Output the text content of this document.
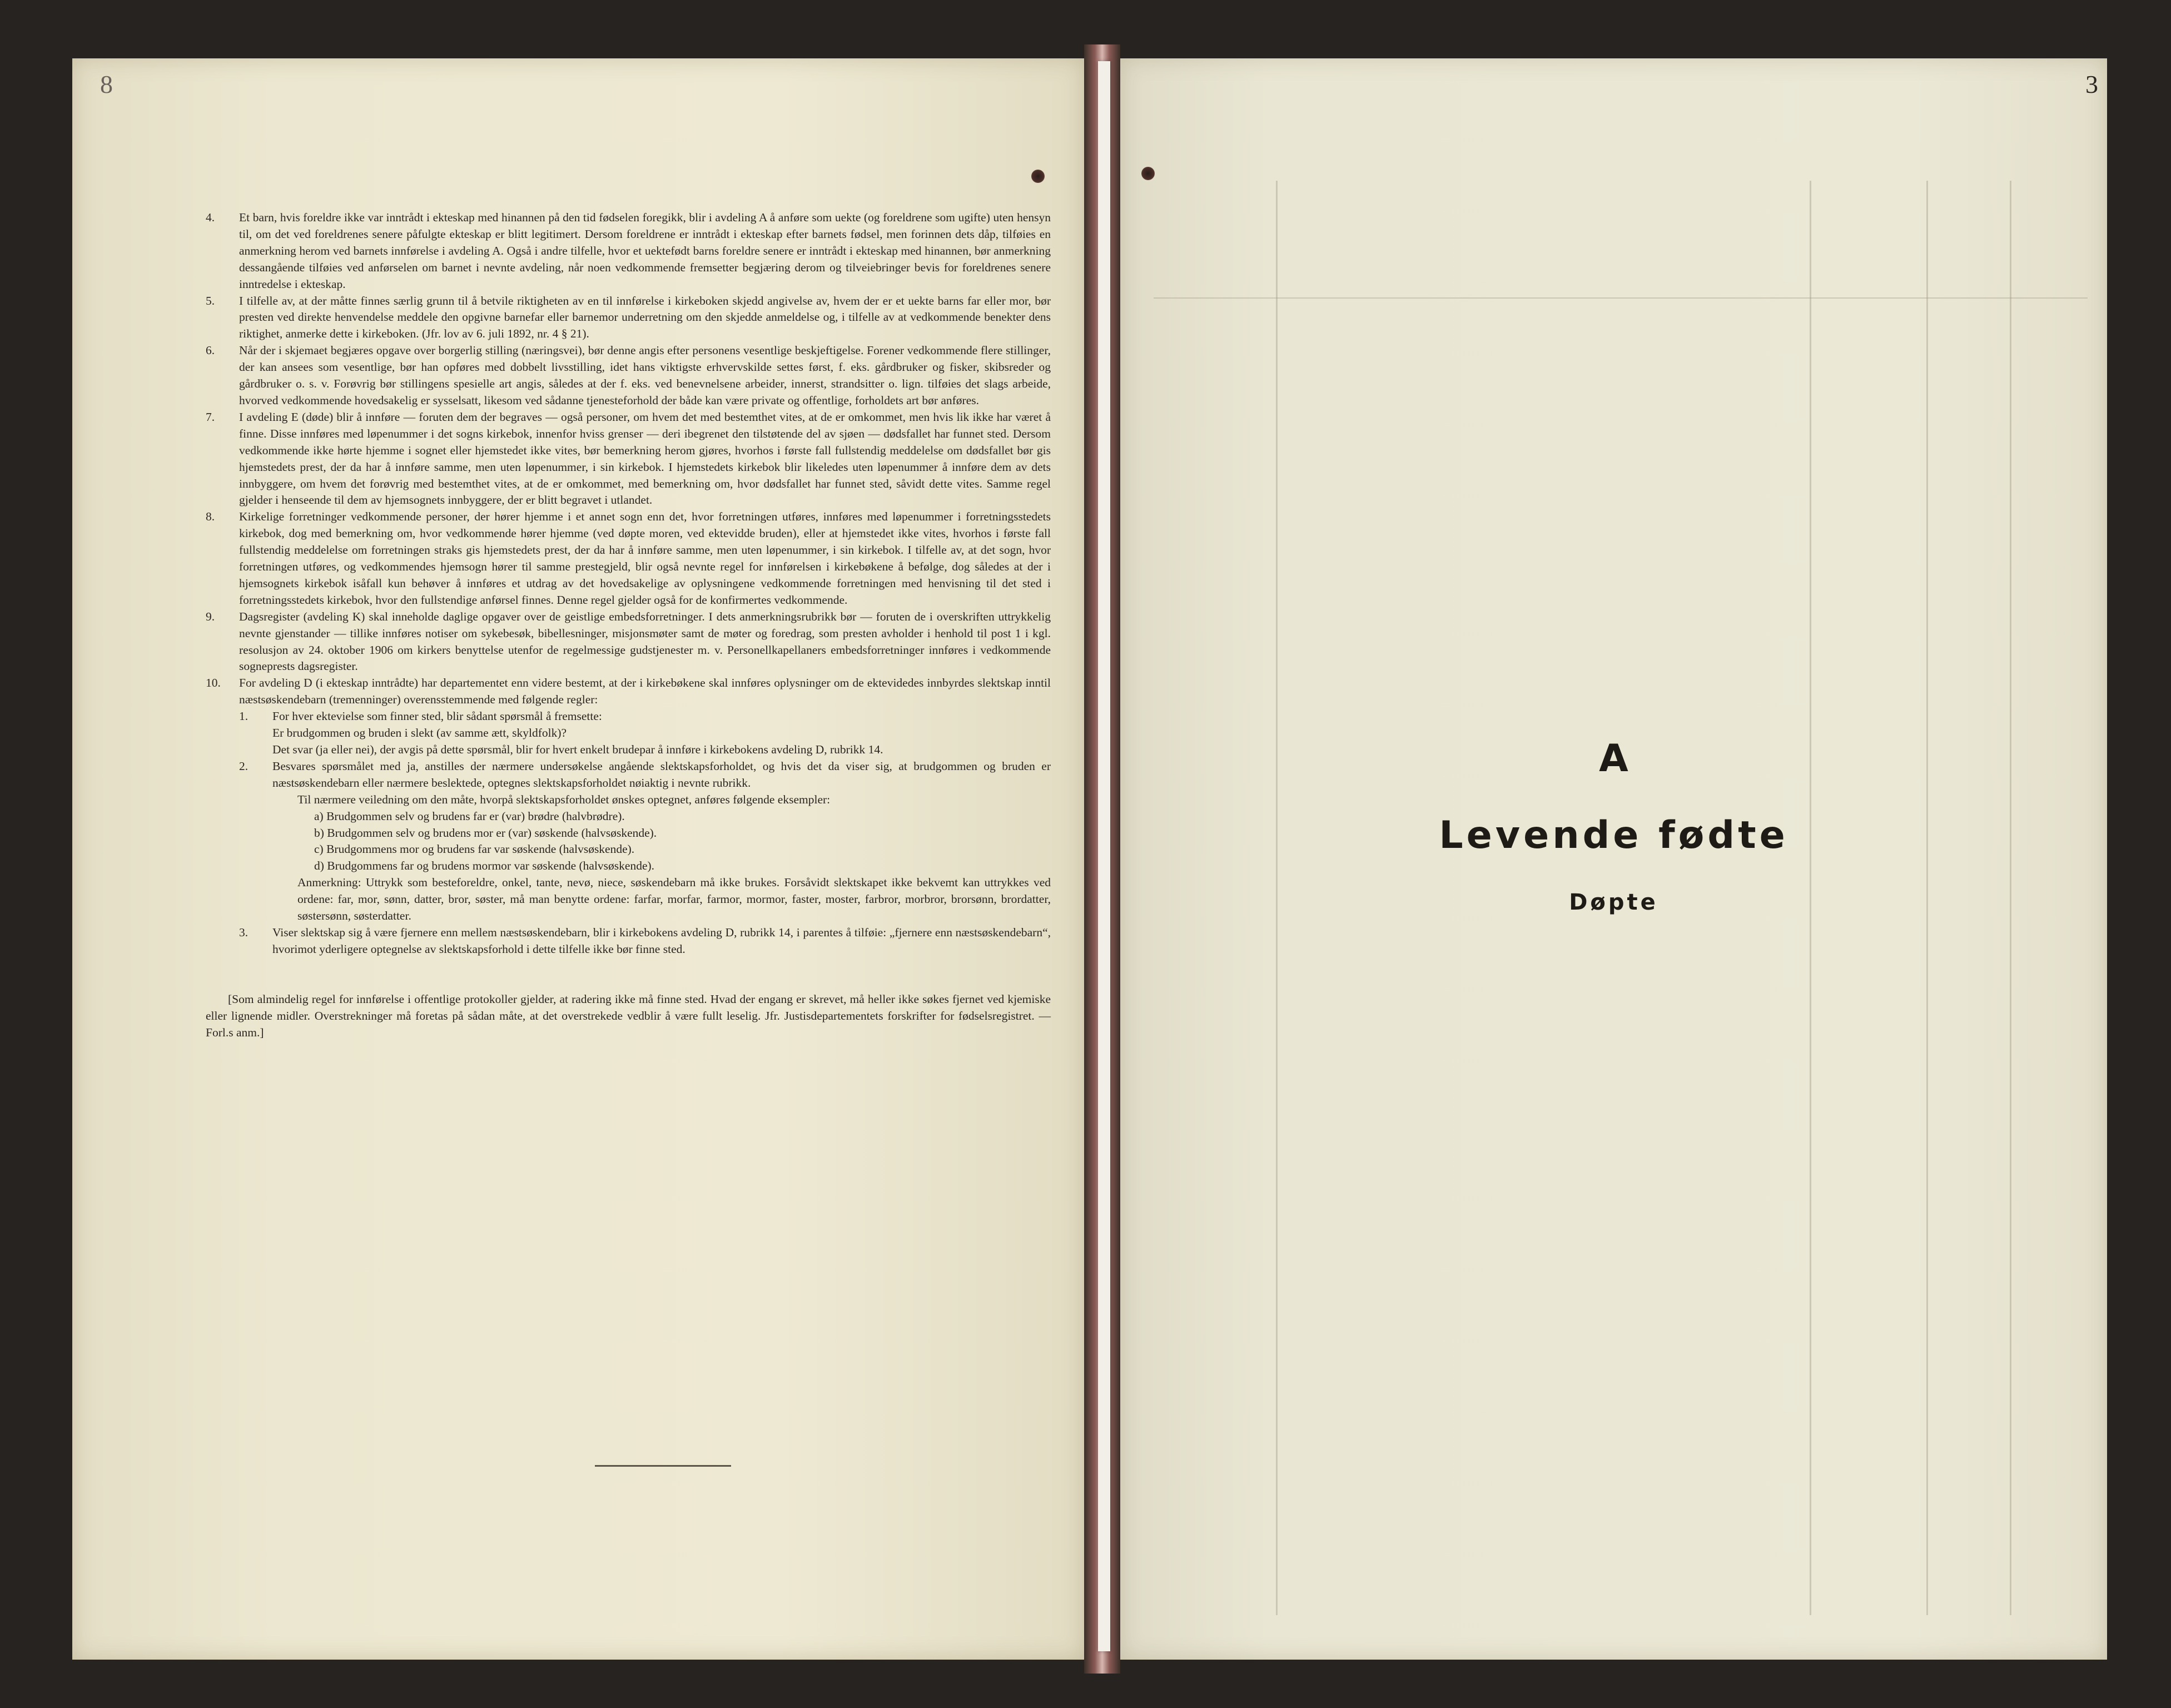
8
4. Et barn, hvis foreldre ikke var inntrådt i ekteskap med hinannen på den tid fødselen foregikk, blir i avdeling A å anføre som uekte (og foreldrene som ugifte) uten hensyn til, om det ved foreldrenes senere påfulgte ekteskap er blitt legitimert. Dersom foreldrene er inntrådt i ekteskap efter barnets fødsel, men forinnen dets dåp, tilføies en anmerkning herom ved barnets innførelse i avdeling A. Også i andre tilfelle, hvor et uektefødt barns foreldre senere er inntrådt i ekteskap med hinannen, bør anmerkning dessangående tilføies ved anførselen om barnet i nevnte avdeling, når noen vedkommende fremsetter begjæring derom og tilveiebringer bevis for foreldrenes senere inntredelse i ekteskap.
5. I tilfelle av, at der måtte finnes særlig grunn til å betvile riktigheten av en til innførelse i kirkeboken skjedd angivelse av, hvem der er et uekte barns far eller mor, bør presten ved direkte henvendelse meddele den opgivne barnefar eller barnemor underretning om den skjedde anmeldelse og, i tilfelle av at vedkommende benekter dens riktighet, anmerke dette i kirkeboken. (Jfr. lov av 6. juli 1892, nr. 4 § 21).
6. Når der i skjemaet begjæres opgave over borgerlig stilling (næringsvei), bør denne angis efter personens vesentlige beskjeftigelse. Forener vedkommende flere stillinger, der kan ansees som vesentlige, bør han opføres med dobbelt livsstilling, idet hans viktigste erhvervskilde settes først, f. eks. gårdbruker og fisker, skibsreder og gårdbruker o. s. v. Forøvrig bør stillingens spesielle art angis, således at der f. eks. ved benevnelsene arbeider, innerst, strandsitter o. lign. tilføies det slags arbeide, hvorved vedkommende hovedsakelig er sysselsatt, likesom ved sådanne tjenesteforhold der både kan være private og offentlige, forholdets art bør anføres.
7. I avdeling E (døde) blir å innføre — foruten dem der begraves — også personer, om hvem det med bestemthet vites, at de er omkommet, men hvis lik ikke har været å finne. Disse innføres med løpenummer i det sogns kirkebok, innenfor hviss grenser — deri ibegrenet den tilstøtende del av sjøen — dødsfallet har funnet sted. Dersom vedkommende ikke hørte hjemme i sognet eller hjemstedet ikke vites, bør bemerkning herom gjøres, hvorhos i første fall fullstendig meddelelse om dødsfallet bør gis hjemstedets prest, der da har å innføre samme, men uten løpenummer, i sin kirkebok. I hjemstedets kirkebok blir likeledes uten løpenummer å innføre dem av dets innbyggere, om hvem det forøvrig med bestemthet vites, at de er omkommet, med bemerkning om, hvor dødsfallet har funnet sted, såvidt dette vites. Samme regel gjelder i henseende til dem av hjemsognets innbyggere, der er blitt begravet i utlandet.
8. Kirkelige forretninger vedkommende personer, der hører hjemme i et annet sogn enn det, hvor forretningen utføres, innføres med løpenummer i forretningsstedets kirkebok, dog med bemerkning om, hvor vedkommende hører hjemme (ved døpte moren, ved ektevidde bruden), eller at hjemstedet ikke vites, hvorhos i første fall fullstendig meddelelse om forretningen straks gis hjemstedets prest, der da har å innføre samme, men uten løpenummer, i sin kirkebok. I tilfelle av, at det sogn, hvor forretningen utføres, og vedkommendes hjemsogn hører til samme prestegjeld, blir også nevnte regel for innførelsen i kirkebøkene å befølge, dog således at der i hjemsognets kirkebok isåfall kun behøver å innføres et utdrag av det hovedsakelige av oplysningene vedkommende forretningen med henvisning til det sted i forretningsstedets kirkebok, hvor den fullstendige anførsel finnes. Denne regel gjelder også for de konfirmertes vedkommende.
9. Dagsregister (avdeling K) skal inneholde daglige opgaver over de geistlige embedsforretninger. I dets anmerkningsrubrikk bør — foruten de i overskriften uttrykkelig nevnte gjenstander — tillike innføres notiser om sykebesøk, bibellesninger, misjonsmøter samt de møter og foredrag, som presten avholder i henhold til post 1 i kgl. resolusjon av 24. oktober 1906 om kirkers benyttelse utenfor de regelmessige gudstjenester m. v. Personellkapellaners embedsforretninger innføres i vedkommende sogneprests dagsregister.
10. For avdeling D (i ekteskap inntrådte) har departementet enn videre bestemt, at der i kirkebøkene skal innføres oplysninger om de ektevidedes innbyrdes slektskap inntil næstsøskendebarn (tremenninger) overensstemmende med følgende regler:
1. For hver ektevielse som finner sted, blir sådant spørsmål å fremsette:
Er brudgommen og bruden i slekt (av samme ætt, skyldfolk)?
Det svar (ja eller nei), der avgis på dette spørsmål, blir for hvert enkelt brudepar å innføre i kirkebokens avdeling D, rubrikk 14.
2. Besvares spørsmålet med ja, anstilles der nærmere undersøkelse angående slektskapsforholdet, og hvis det da viser sig, at brudgommen og bruden er næstsøskendebarn eller nærmere beslektede, optegnes slektskapsforholdet nøiaktig i nevnte rubrikk.
Til nærmere veiledning om den måte, hvorpå slektskapsforholdet ønskes optegnet, anføres følgende eksempler:
a) Brudgommen selv og brudens far er (var) brødre (halvbrødre).
b) Brudgommen selv og brudens mor er (var) søskende (halvsøskende).
c) Brudgommens mor og brudens far var søskende (halvsøskende).
d) Brudgommens far og brudens mormor var søskende (halvsøskende).
Anmerkning: Uttrykk som besteforeldre, onkel, tante, nevø, niece, søskendebarn må ikke brukes. Forsåvidt slektskapet ikke bekvemt kan uttrykkes ved ordene: far, mor, sønn, datter, bror, søster, må man benytte ordene: farfar, morfar, farmor, mormor, faster, moster, farbror, morbror, brorsønn, brordatter, søstersønn, søsterdatter.
3. Viser slektskap sig å være fjernere enn mellem næstsøskendebarn, blir i kirkebokens avdeling D, rubrikk 14, i parentes å tilføie: „fjernere enn næstsøskendebarn“, hvorimot yderligere optegnelse av slektskapsforhold i dette tilfelle ikke bør finne sted.
[Som almindelig regel for innførelse i offentlige protokoller gjelder, at radering ikke må finne sted. Hvad der engang er skrevet, må heller ikke søkes fjernet ved kjemiske eller lignende midler. Overstrekninger må foretas på sådan måte, at det overstrekede vedblir å være fullt leselig. Jfr. Justisdepartementets forskrifter for fødselsregistret. — Forl.s anm.]
3
A
Levende fødte
Døpte
